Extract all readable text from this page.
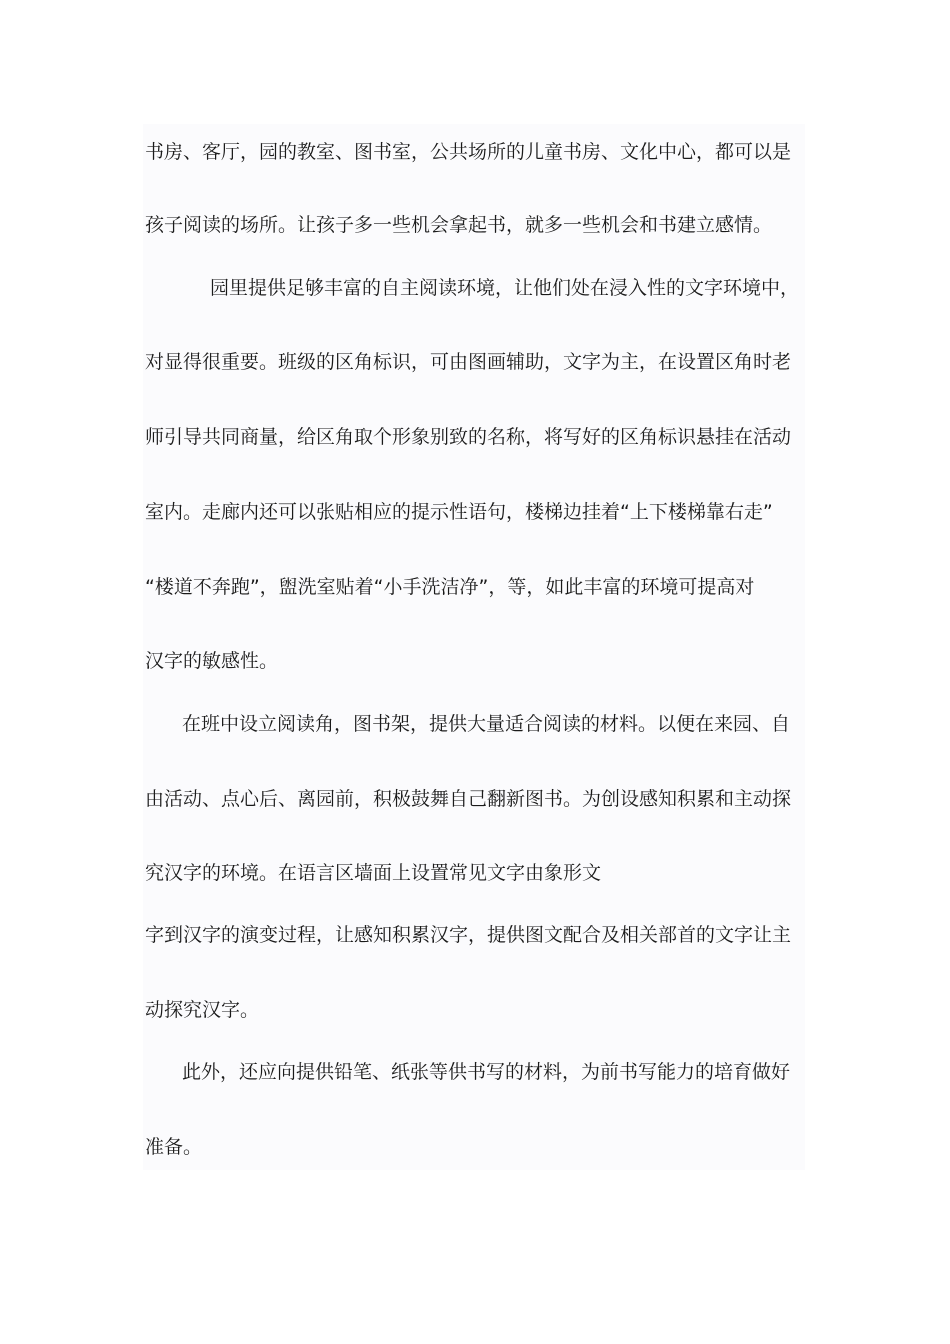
书房、客厅，园的教室、图书室，公共场所的儿童书房、文化中心，都可以是
孩子阅读的场所。让孩子多一些机会拿起书，就多一些机会和书建立感情。
园里提供足够丰富的自主阅读环境，让他们处在浸入性的文字环境中，
对显得很重要。班级的区角标识，可由图画辅助，文字为主，在设置区角时老
师引导共同商量，给区角取个形象别致的名称，将写好的区角标识悬挂在活动
室内。走廊内还可以张贴相应的提示性语句，楼梯边挂着“上下楼梯靠右走”
“楼道不奔跑”，盥洗室贴着“小手洗洁净”，等，如此丰富的环境可提高对
汉字的敏感性。
在班中设立阅读角，图书架，提供大量适合阅读的材料。以便在来园、自
由活动、点心后、离园前，积极鼓舞自己翻新图书。为创设感知积累和主动探
究汉字的环境。在语言区墙面上设置常见文字由象形文
字到汉字的演变过程，让感知积累汉字，提供图文配合及相关部首的文字让主
动探究汉字。
此外，还应向提供铅笔、纸张等供书写的材料，为前书写能力的培育做好
准备。
